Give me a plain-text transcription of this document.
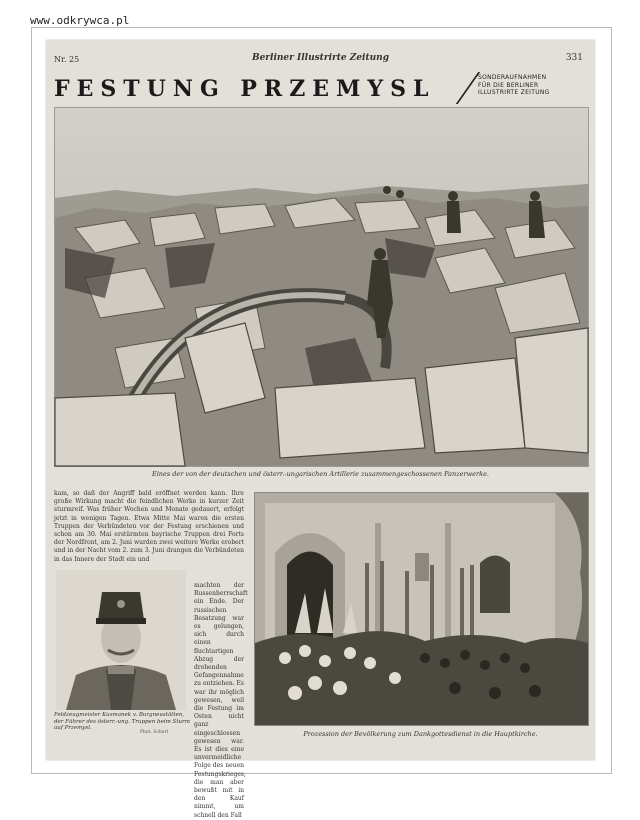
www.odkrywca.pl
Nr. 25	Berliner Illustrirte Zeitung	331
FESTUNG PRZEMYSL	SONDERAUFNAHMEN
FÜR DIE BERLINER
ILLUSTRIRTE ZEITUNG
Eines der von der deutschen und österr.-ungarischen Artillerie zusammengeschossenen Panzerwerke.
kam, so daß der Angriff bald eröffnet werden kann. Ihre große Wirkung macht die feindlichen Werke in kurzer Zeit sturmreif. Was früher Wochen und Monate gedauert, erfolgt jetzt in wenigen Tagen. Etwa Mitte Mai waren die ersten Truppen der Verbündeten vor der Festung erschienen und schon am 30. Mai erstürmten bayrische Truppen drei Forts der Nordfront, am 2. Juni wurden zwei weitere Werke erobert und in der Nacht vom 2. zum 3. Juni drangen die Verbündeten in das Innere der Stadt ein und
machten der Russenherrschaft ein Ende. Der russischen Besatzung war es gelungen, sich durch einen fluchtartigen Abzug der drohenden Gefangennahme zu entziehen. Es war ihr möglich gewesen, weil die Festung im Osten nicht ganz eingeschlossen gewesen war. Es ist dies eine unvermeidliche Folge des neuen Festungskrieges, die man aber bewußt mit in den Kauf nimmt, um schnell den Fall
Feldzeugmeister Kusmanek v. Burgneustätten, der Führer des österr.-ung. Truppen beim Sturm auf Przemysl.
Phot. Scherl	Prozession der Bevölkerung zum Dankgottesdienst in die Hauptkirche.
